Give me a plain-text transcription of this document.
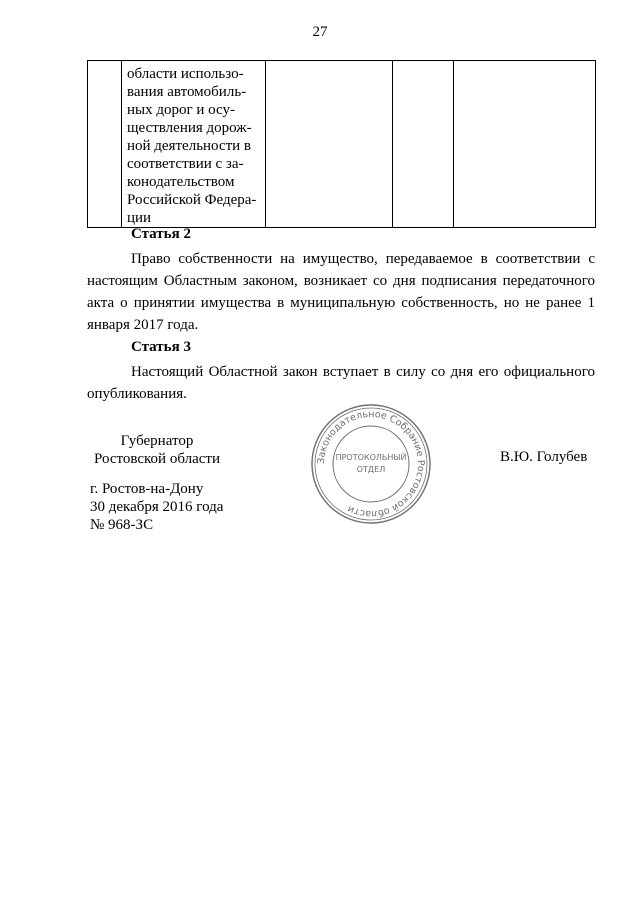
27

области использо-
вания автомобиль-
ных дорог и осу-
ществления дорож-
ной деятельности в
соответствии с за-
конодательством
Российской Федера-
ции

Статья 2
Право собственности на имущество, передаваемое в соответствии с настоящим Областным законом, возникает со дня подписания передаточного акта о принятии имущества в муниципальную собственность, но не ранее 1 января 2017 года.
Статья 3
Настоящий Областной закон вступает в силу со дня его официального опубликования.
Губернатор
Ростовской области	В.Ю. Голубев
г. Ростов-на-Дону
30 декабря 2016 года
№ 968-ЗС
Законодательное Собрание Ростовской области
ПРОТОКОЛЬНЫЙ
ОТДЕЛ
